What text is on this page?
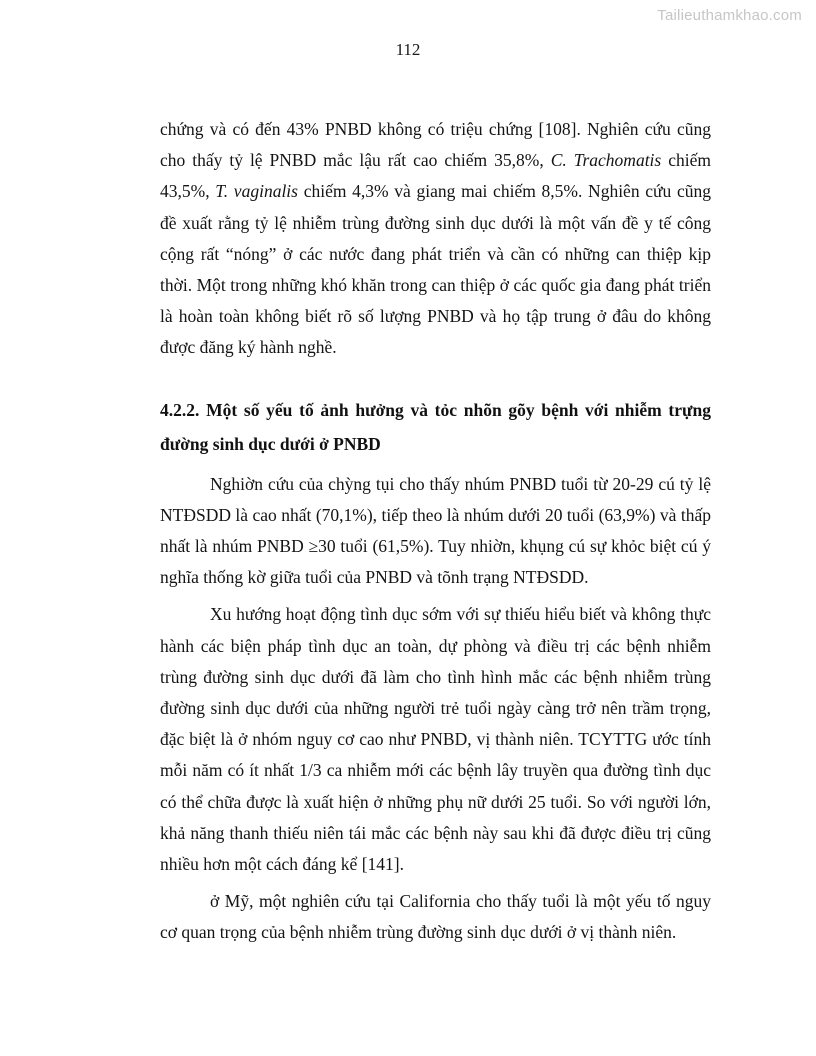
Tailieuthamkhao.com
112

chứng và có đến 43% PNBD không có triệu chứng [108]. Nghiên cứu cũng cho thấy tỷ lệ PNBD mắc lậu rất cao chiếm 35,8%, C. Trachomatis chiếm 43,5%, T. vaginalis chiếm 4,3% và giang mai chiếm 8,5%. Nghiên cứu cũng đề xuất rằng tỷ lệ nhiễm trùng đường sinh dục dưới là một vấn đề y tế công cộng rất “nóng” ở các nước đang phát triển và cần có những can thiệp kịp thời. Một trong những khó khăn trong can thiệp ở các quốc gia đang phát triển là hoàn toàn không biết rõ số lượng PNBD và họ tập trung ở đâu do không được đăng ký hành nghề.

4.2.2. Một số yếu tố ảnh hưởng và tỏc nhõn gõy bệnh với nhiễm trựng đường sinh dục dưới ở PNBD

Nghiờn cứu của chỳng tụi cho thấy nhúm PNBD tuổi từ 20-29 cú tỷ lệ NTĐSDD là cao nhất (70,1%), tiếp theo là nhúm dưới 20 tuổi (63,9%) và thấp nhất là nhúm PNBD ≥30 tuổi (61,5%). Tuy nhiờn, khụng cú sự khỏc biệt cú ý nghĩa thống kờ giữa tuổi của PNBD và tõnh trạng NTĐSDD.

Xu hướng hoạt động tình dục sớm với sự thiếu hiểu biết và không thực hành các biện pháp tình dục an toàn, dự phòng và điều trị các bệnh nhiễm trùng đường sinh dục dưới đã làm cho tình hình mắc các bệnh nhiễm trùng đường sinh dục dưới của những người trẻ tuổi ngày càng trở nên trầm trọng, đặc biệt là ở nhóm nguy cơ cao như PNBD, vị thành niên. TCYTTG ước tính mỗi năm có ít nhất 1/3 ca nhiễm mới các bệnh lây truyền qua đường tình dục có thể chữa được là xuất hiện ở những phụ nữ dưới 25 tuổi. So với người lớn, khả năng thanh thiếu niên tái mắc các bệnh này sau khi đã được điều trị cũng nhiều hơn một cách đáng kể [141].

ở Mỹ, một nghiên cứu tại California cho thấy tuổi là một yếu tố nguy cơ quan trọng của bệnh nhiễm trùng đường sinh dục dưới ở vị thành niên.
